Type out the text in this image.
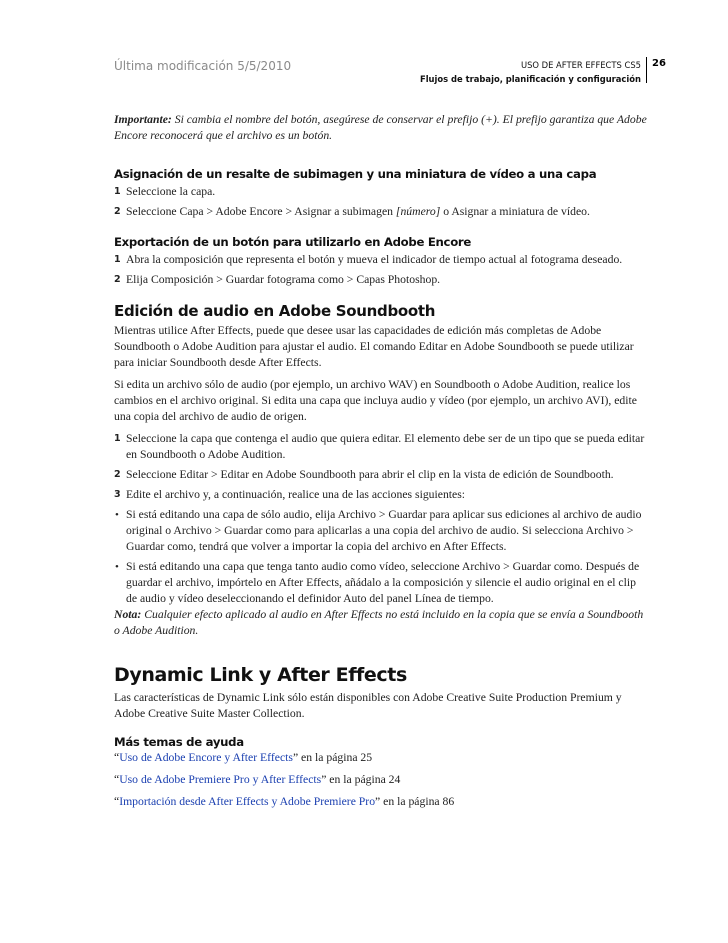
Última modificación 5/5/2010	USO DE AFTER EFFECTS CS5
Flujos de trabajo, planificación y configuración
26

Importante: Si cambia el nombre del botón, asegúrese de conservar el prefijo (+). El prefijo garantiza que Adobe Encore reconocerá que el archivo es un botón.

Asignación de un resalte de subimagen y una miniatura de vídeo a una capa
1 Seleccione la capa.
2 Seleccione Capa > Adobe Encore > Asignar a subimagen [número] o Asignar a miniatura de vídeo.
Exportación de un botón para utilizarlo en Adobe Encore
1 Abra la composición que representa el botón y mueva el indicador de tiempo actual al fotograma deseado.
2 Elija Composición > Guardar fotograma como > Capas Photoshop.
Edición de audio en Adobe Soundbooth

Mientras utilice After Effects, puede que desee usar las capacidades de edición más completas de Adobe Soundbooth o Adobe Audition para ajustar el audio. El comando Editar en Adobe Soundbooth se puede utilizar para iniciar Soundbooth desde After Effects.

Si edita un archivo sólo de audio (por ejemplo, un archivo WAV) en Soundbooth o Adobe Audition, realice los cambios en el archivo original. Si edita una capa que incluya audio y vídeo (por ejemplo, un archivo AVI), edite una copia del archivo de audio de origen.

1 Seleccione la capa que contenga el audio que quiera editar. El elemento debe ser de un tipo que se pueda editar en Soundbooth o Adobe Audition.
2 Seleccione Editar > Editar en Adobe Soundbooth para abrir el clip en la vista de edición de Soundbooth.
3 Edite el archivo y, a continuación, realice una de las acciones siguientes:
• Si está editando una capa de sólo audio, elija Archivo > Guardar para aplicar sus ediciones al archivo de audio original o Archivo > Guardar como para aplicarlas a una copia del archivo de audio. Si selecciona Archivo > Guardar como, tendrá que volver a importar la copia del archivo en After Effects.
• Si está editando una capa que tenga tanto audio como vídeo, seleccione Archivo > Guardar como. Después de guardar el archivo, impórtelo en After Effects, añádalo a la composición y silencie el audio original en el clip de audio y vídeo deseleccionando el definidor Auto del panel Línea de tiempo.

Nota: Cualquier efecto aplicado al audio en After Effects no está incluido en la copia que se envía a Soundbooth o Adobe Audition.

Dynamic Link y After Effects

Las características de Dynamic Link sólo están disponibles con Adobe Creative Suite Production Premium y Adobe Creative Suite Master Collection.

Más temas de ayuda

“Uso de Adobe Encore y After Effects” en la página 25

“Uso de Adobe Premiere Pro y After Effects” en la página 24

“Importación desde After Effects y Adobe Premiere Pro” en la página 86
